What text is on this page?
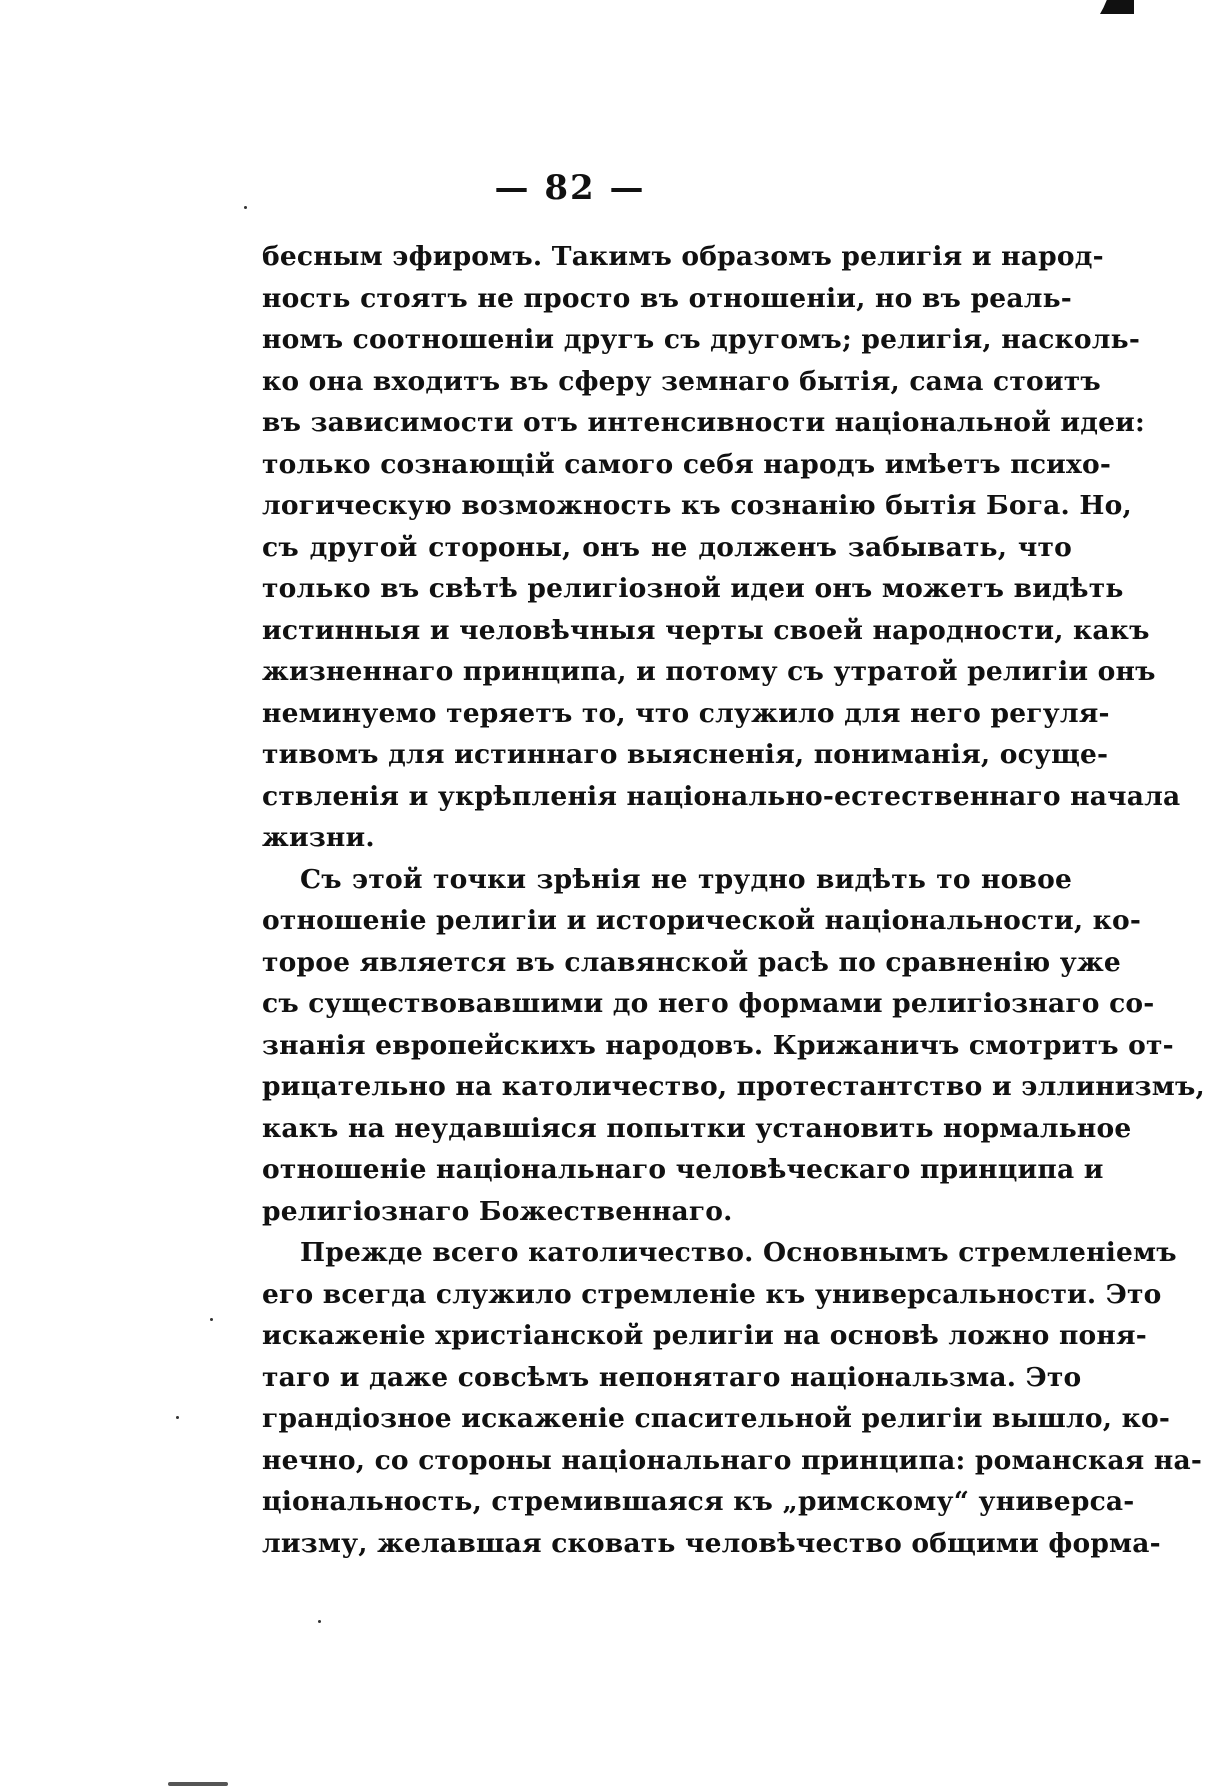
— 82 —
бесным эфиромъ. Такимъ образомъ религія и народ-
ность стоятъ не просто въ отношеніи, но въ реаль-
номъ соотношеніи другъ съ другомъ; религія, насколь-
ко она входитъ въ сферу земнаго бытія, сама стоитъ
въ зависимости отъ интенсивности національной идеи:
только сознающій самого себя народъ имѣетъ психо-
логическую возможность къ сознанію бытія Бога. Но,
съ другой стороны, онъ не долженъ забывать, что
только въ свѣтѣ религіозной идеи онъ можетъ видѣть
истинныя и человѣчныя черты своей народности, какъ
жизненнаго принципа, и потому съ утратой религіи онъ
неминуемо теряетъ то, что служило для него регуля-
тивомъ для истиннаго выясненія, пониманія, осуще-
ствленія и укрѣпленія національно-естественнаго начала
жизни.
Съ этой точки зрѣнія не трудно видѣть то новое
отношеніе религіи и исторической національности, ко-
торое является въ славянской расѣ по сравненію уже
съ существовавшими до него формами религіознаго со-
знанія европейскихъ народовъ. Крижаничъ смотритъ от-
рицательно на католичество, протестантство и эллинизмъ,
какъ на неудавшіяся попытки установить нормальное
отношеніе національнаго человѣческаго принципа и
религіознаго Божественнаго.
Прежде всего католичество. Основнымъ стремленіемъ
его всегда служило стремленіе къ универсальности. Это
искаженіе христіанской религіи на основѣ ложно поня-
таго и даже совсѣмъ непонятаго національзма. Это
грандіозное искаженіе спасительной религіи вышло, ко-
нечно, со стороны національнаго принципа: романская на-
ціональность, стремившаяся къ „римскому“ универса-
лизму, желавшая сковать человѣчество общими форма-
